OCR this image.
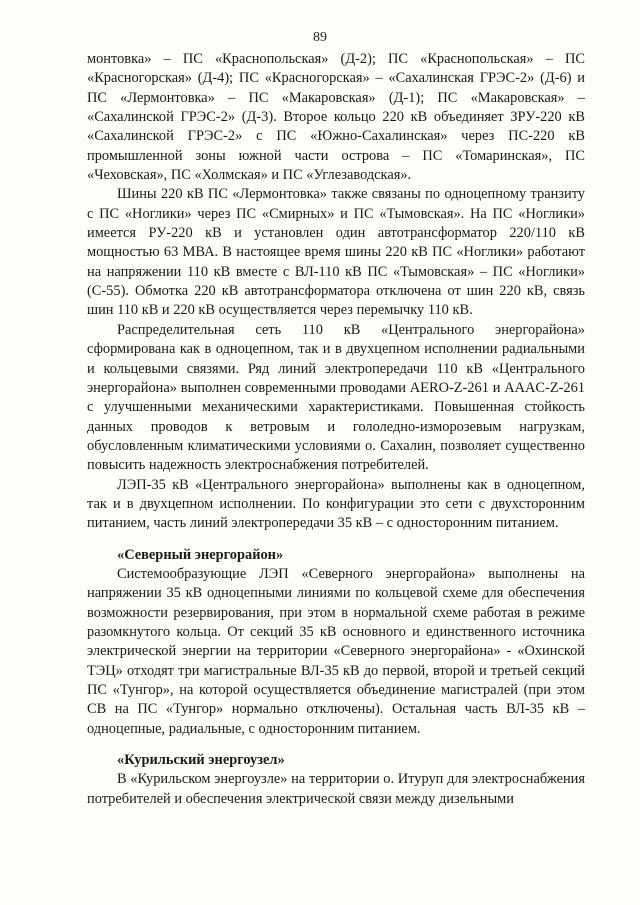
89

монтовка» – ПС «Краснопольская» (Д-2); ПС «Краснопольская» – ПС «Красногорская» (Д-4); ПС «Красногорская» – «Сахалинская ГРЭС-2» (Д-6) и ПС «Лермонтовка» – ПС «Макаровская» (Д-1); ПС «Макаровская» – «Сахалинской ГРЭС-2» (Д-3). Второе кольцо 220 кВ объединяет ЗРУ-220 кВ «Сахалинской ГРЭС-2» с ПС «Южно-Сахалинская» через ПС-220 кВ промышленной зоны южной части острова – ПС «Томаринская», ПС «Чеховская», ПС «Холмская» и ПС «Углезаводская».

Шины 220 кВ ПС «Лермонтовка» также связаны по одноцепному транзиту с ПС «Ноглики» через ПС «Смирных» и ПС «Тымовская». На ПС «Ноглики» имеется РУ-220 кВ и установлен один автотрансформатор 220/110 кВ мощностью 63 МВА. В настоящее время шины 220 кВ ПС «Ноглики» работают на напряжении 110 кВ вместе с ВЛ-110 кВ ПС «Тымовская» – ПС «Ноглики» (С-55). Обмотка 220 кВ автотрансформатора отключена от шин 220 кВ, связь шин 110 кВ и 220 кВ осуществляется через перемычку 110 кВ.

Распределительная сеть 110 кВ «Центрального энергорайона» сформирована как в одноцепном, так и в двухцепном исполнении радиальными и кольцевыми связями. Ряд линий электропередачи 110 кВ «Центрального энергорайона» выполнен современными проводами AERO-Z-261 и AAAC-Z-261 с улучшенными механическими характеристиками. Повышенная стойкость данных проводов к ветровым и гололедно-изморозевым нагрузкам, обусловленным климатическими условиями о. Сахалин, позволяет существенно повысить надежность электроснабжения потребителей.

ЛЭП-35 кВ «Центрального энергорайона» выполнены как в одноцепном, так и в двухцепном исполнении. По конфигурации это сети с двухсторонним питанием, часть линий электропередачи 35 кВ – с односторонним питанием.

«Северный энергорайон»

Системообразующие ЛЭП «Северного энергорайона» выполнены на напряжении 35 кВ одноцепными линиями по кольцевой схеме для обеспечения возможности резервирования, при этом в нормальной схеме работая в режиме разомкнутого кольца. От секций 35 кВ основного и единственного источника электрической энергии на территории «Северного энергорайона» - «Охинской ТЭЦ» отходят три магистральные ВЛ-35 кВ до первой, второй и третьей секций ПС «Тунгор», на которой осуществляется объединение магистралей (при этом СВ на ПС «Тунгор» нормально отключены). Остальная часть ВЛ-35 кВ – одноцепные, радиальные, с односторонним питанием.

«Курильский энергоузел»

В «Курильском энергоузле» на территории о. Итуруп для электроснабжения потребителей и обеспечения электрической связи между дизельными
